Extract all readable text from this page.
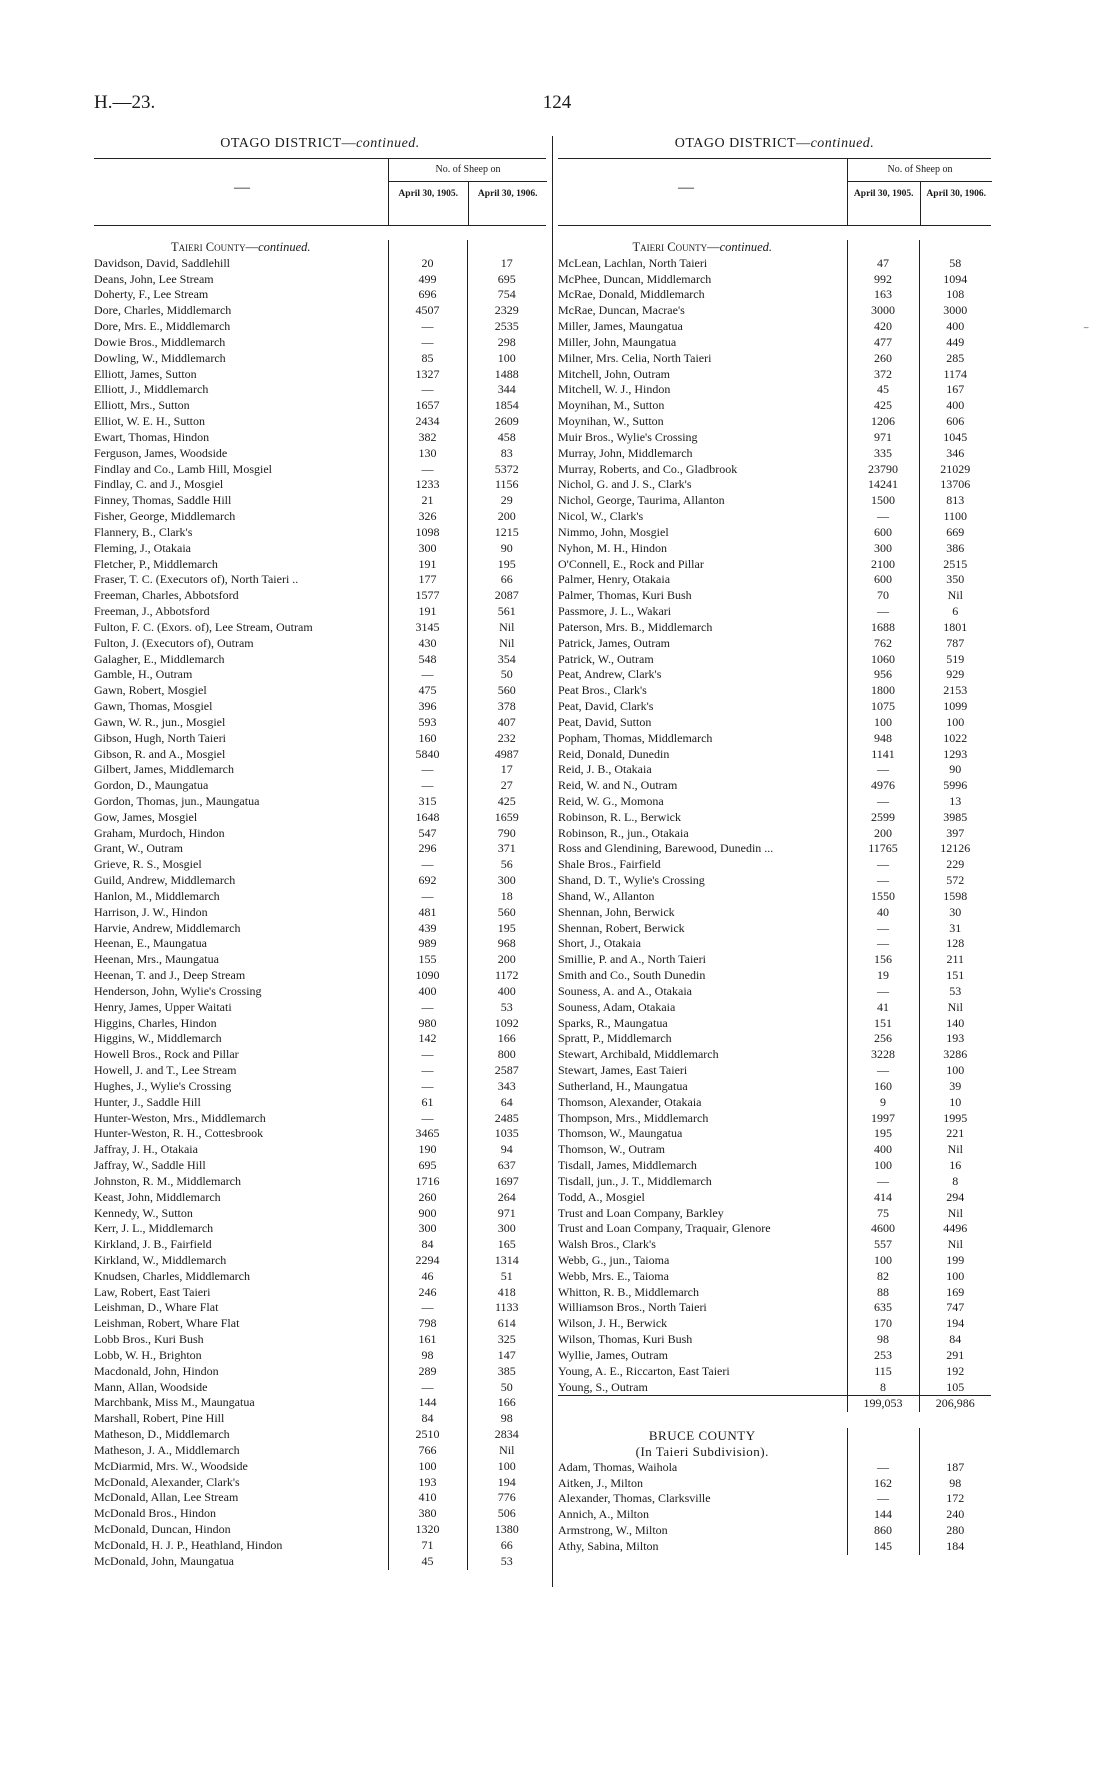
H.—23.	124
OTAGO DISTRICT—continued.
—
No. of Sheep on
April 30, 1905.	April 30, 1906.
Taieri County—continued.		
Davidson, David, Saddlehill	20	17
Deans, John, Lee Stream	499	695
Doherty, F., Lee Stream	696	754
Dore, Charles, Middlemarch	4507	2329
Dore, Mrs. E., Middlemarch	—	2535
Dowie Bros., Middlemarch	—	298
Dowling, W., Middlemarch	85	100
Elliott, James, Sutton	1327	1488
Elliott, J., Middlemarch	—	344
Elliott, Mrs., Sutton	1657	1854
Elliot, W. E. H., Sutton	2434	2609
Ewart, Thomas, Hindon	382	458
Ferguson, James, Woodside	130	83
Findlay and Co., Lamb Hill, Mosgiel	—	5372
Findlay, C. and J., Mosgiel	1233	1156
Finney, Thomas, Saddle Hill	21	29
Fisher, George, Middlemarch	326	200
Flannery, B., Clark's	1098	1215
Fleming, J., Otakaia	300	90
Fletcher, P., Middlemarch	191	195
Fraser, T. C. (Executors of), North Taieri ..	177	66
Freeman, Charles, Abbotsford	1577	2087
Freeman, J., Abbotsford	191	561
Fulton, F. C. (Exors. of), Lee Stream, Outram	3145	Nil
Fulton, J. (Executors of), Outram	430	Nil
Galagher, E., Middlemarch	548	354
Gamble, H., Outram	—	50
Gawn, Robert, Mosgiel	475	560
Gawn, Thomas, Mosgiel	396	378
Gawn, W. R., jun., Mosgiel	593	407
Gibson, Hugh, North Taieri	160	232
Gibson, R. and A., Mosgiel	5840	4987
Gilbert, James, Middlemarch	—	17
Gordon, D., Maungatua	—	27
Gordon, Thomas, jun., Maungatua	315	425
Gow, James, Mosgiel	1648	1659
Graham, Murdoch, Hindon	547	790
Grant, W., Outram	296	371
Grieve, R. S., Mosgiel	—	56
Guild, Andrew, Middlemarch	692	300
Hanlon, M., Middlemarch	—	18
Harrison, J. W., Hindon	481	560
Harvie, Andrew, Middlemarch	439	195
Heenan, E., Maungatua	989	968
Heenan, Mrs., Maungatua	155	200
Heenan, T. and J., Deep Stream	1090	1172
Henderson, John, Wylie's Crossing	400	400
Henry, James, Upper Waitati	—	53
Higgins, Charles, Hindon	980	1092
Higgins, W., Middlemarch	142	166
Howell Bros., Rock and Pillar	—	800
Howell, J. and T., Lee Stream	—	2587
Hughes, J., Wylie's Crossing	—	343
Hunter, J., Saddle Hill	61	64
Hunter-Weston, Mrs., Middlemarch	—	2485
Hunter-Weston, R. H., Cottesbrook	3465	1035
Jaffray, J. H., Otakaia	190	94
Jaffray, W., Saddle Hill	695	637
Johnston, R. M., Middlemarch	1716	1697
Keast, John, Middlemarch	260	264
Kennedy, W., Sutton	900	971
Kerr, J. L., Middlemarch	300	300
Kirkland, J. B., Fairfield	84	165
Kirkland, W., Middlemarch	2294	1314
Knudsen, Charles, Middlemarch	46	51
Law, Robert, East Taieri	246	418
Leishman, D., Whare Flat	—	1133
Leishman, Robert, Whare Flat	798	614
Lobb Bros., Kuri Bush	161	325
Lobb, W. H., Brighton	98	147
Macdonald, John, Hindon	289	385
Mann, Allan, Woodside	—	50
Marchbank, Miss M., Maungatua	144	166
Marshall, Robert, Pine Hill	84	98
Matheson, D., Middlemarch	2510	2834
Matheson, J. A., Middlemarch	766	Nil
McDiarmid, Mrs. W., Woodside	100	100
McDonald, Alexander, Clark's	193	194
McDonald, Allan, Lee Stream	410	776
McDonald Bros., Hindon	380	506
McDonald, Duncan, Hindon	1320	1380
McDonald, H. J. P., Heathland, Hindon	71	66
McDonald, John, Maungatua	45	53
OTAGO DISTRICT—continued.
—
No. of Sheep on
April 30, 1905.	April 30, 1906.
Taieri County—continued.		
McLean, Lachlan, North Taieri	47	58
McPhee, Duncan, Middlemarch	992	1094
McRae, Donald, Middlemarch	163	108
McRae, Duncan, Macrae's	3000	3000
Miller, James, Maungatua	420	400
Miller, John, Maungatua	477	449
Milner, Mrs. Celia, North Taieri	260	285
Mitchell, John, Outram	372	1174
Mitchell, W. J., Hindon	45	167
Moynihan, M., Sutton	425	400
Moynihan, W., Sutton	1206	606
Muir Bros., Wylie's Crossing	971	1045
Murray, John, Middlemarch	335	346
Murray, Roberts, and Co., Gladbrook	23790	21029
Nichol, G. and J. S., Clark's	14241	13706
Nichol, George, Taurima, Allanton	1500	813
Nicol, W., Clark's	—	1100
Nimmo, John, Mosgiel	600	669
Nyhon, M. H., Hindon	300	386
O'Connell, E., Rock and Pillar	2100	2515
Palmer, Henry, Otakaia	600	350
Palmer, Thomas, Kuri Bush	70	Nil
Passmore, J. L., Wakari	—	6
Paterson, Mrs. B., Middlemarch	1688	1801
Patrick, James, Outram	762	787
Patrick, W., Outram	1060	519
Peat, Andrew, Clark's	956	929
Peat Bros., Clark's	1800	2153
Peat, David, Clark's	1075	1099
Peat, David, Sutton	100	100
Popham, Thomas, Middlemarch	948	1022
Reid, Donald, Dunedin	1141	1293
Reid, J. B., Otakaia	—	90
Reid, W. and N., Outram	4976	5996
Reid, W. G., Momona	—	13
Robinson, R. L., Berwick	2599	3985
Robinson, R., jun., Otakaia	200	397
Ross and Glendining, Barewood, Dunedin ...	11765	12126
Shale Bros., Fairfield	—	229
Shand, D. T., Wylie's Crossing	—	572
Shand, W., Allanton	1550	1598
Shennan, John, Berwick	40	30
Shennan, Robert, Berwick	—	31
Short, J., Otakaia	—	128
Smillie, P. and A., North Taieri	156	211
Smith and Co., South Dunedin	19	151
Souness, A. and A., Otakaia	—	53
Souness, Adam, Otakaia	41	Nil
Sparks, R., Maungatua	151	140
Spratt, P., Middlemarch	256	193
Stewart, Archibald, Middlemarch	3228	3286
Stewart, James, East Taieri	—	100
Sutherland, H., Maungatua	160	39
Thomson, Alexander, Otakaia	9	10
Thompson, Mrs., Middlemarch	1997	1995
Thomson, W., Maungatua	195	221
Thomson, W., Outram	400	Nil
Tisdall, James, Middlemarch	100	16
Tisdall, jun., J. T., Middlemarch	—	8
Todd, A., Mosgiel	414	294
Trust and Loan Company, Barkley	75	Nil
Trust and Loan Company, Traquair, Glenore	4600	4496
Walsh Bros., Clark's	557	Nil
Webb, G., jun., Taioma	100	199
Webb, Mrs. E., Taioma	82	100
Whitton, R. B., Middlemarch	88	169
Williamson Bros., North Taieri	635	747
Wilson, J. H., Berwick	170	194
Wilson, Thomas, Kuri Bush	98	84
Wyllie, James, Outram	253	291
Young, A. E., Riccarton, East Taieri	115	192
Young, S., Outram	8	105
	199,053	206,986

BRUCE COUNTY		
(In Taieri Subdivision).		
Adam, Thomas, Waihola	—	187
Aitken, J., Milton	162	98
Alexander, Thomas, Clarksville	—	172
Annich, A., Milton	144	240
Armstrong, W., Milton	860	280
Athy, Sabina, Milton	145	184
⁻
